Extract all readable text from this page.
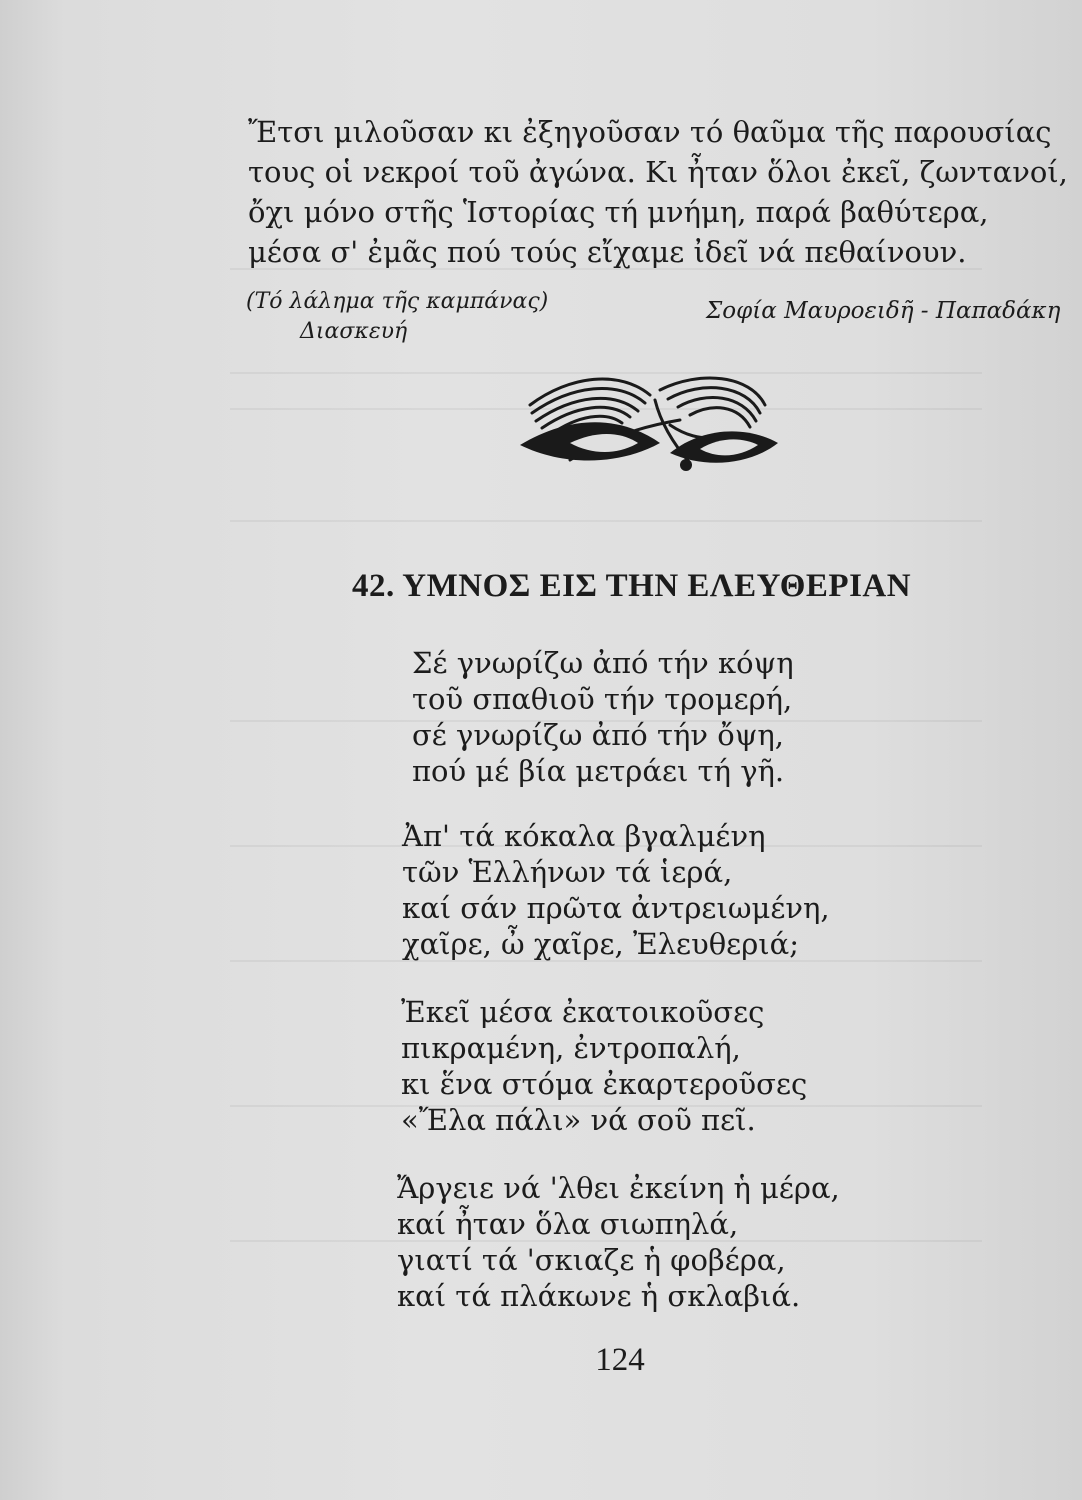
Ἔτσι μιλοῦσαν κι ἐξηγοῦσαν τό θαῦμα τῆς παρουσίας

τους οἱ νεκροί τοῦ ἀγώνα. Κι ἦταν ὅλοι ἐκεῖ, ζωντανοί,

ὄχι μόνο στῆς Ἱστορίας τή μνήμη, παρά βαθύτερα,

μέσα σ' ἐμᾶς πού τούς εἴχαμε ἰδεῖ νά πεθαίνουν.

(Τό λάλημα τῆς καμπάνας)
Διασκευή
Σοφία Μαυροειδῆ - Παπαδάκη
42. ΥΜΝΟΣ ΕΙΣ ΤΗΝ ΕΛΕΥΘΕΡΙΑΝ

Σέ γνωρίζω ἀπό τήν κόψη

τοῦ σπαθιοῦ τήν τρομερή,

σέ γνωρίζω ἀπό τήν ὄψη,

πού μέ βία μετράει τή γῆ.

Ἀπ' τά κόκαλα βγαλμένη

τῶν Ἑλλήνων τά ἱερά,

καί σάν πρῶτα ἀντρειωμένη,

χαῖρε, ὦ χαῖρε, Ἐλευθεριά;

Ἐκεῖ μέσα ἐκατοικοῦσες

πικραμένη, ἐντροπαλή,

κι ἕνα στόμα ἐκαρτεροῦσες

«Ἔλα πάλι» νά σοῦ πεῖ.

Ἄργειε νά 'λθει ἐκείνη ἡ μέρα,

καί ἦταν ὅλα σιωπηλά,

γιατί τά 'σκιαζε ἡ φοβέρα,

καί τά πλάκωνε ἡ σκλαβιά.

124
